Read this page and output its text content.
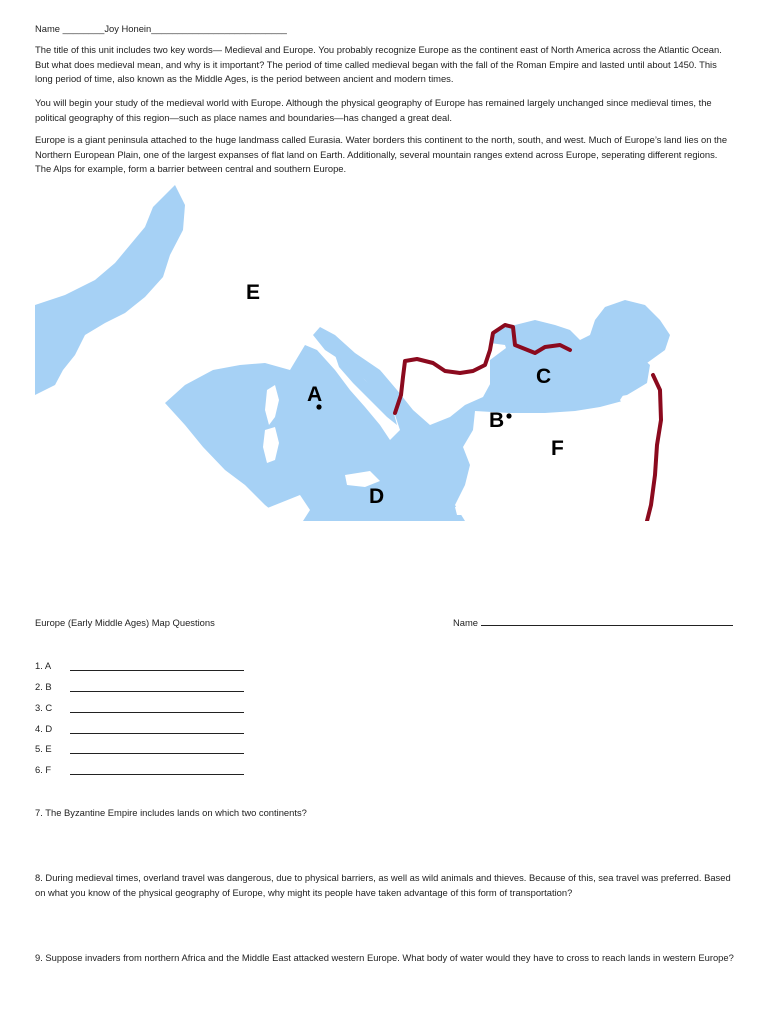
Name ________Joy Honein__________________________

The title of this unit includes two key words— Medieval and Europe. You probably recognize Europe as the continent east of North America across the Atlantic Ocean. But what does medieval mean, and why is it important? The period of time called medieval began with the fall of the Roman Empire and lasted until about 1450. This long period of time, also known as the Middle Ages, is the period between ancient and modern times.

You will begin your study of the medieval world with Europe. Although the physical geography of Europe has remained largely unchanged since medieval times, the political geography of this region—such as place names and boundaries—has changed a great deal.

Europe is a giant peninsula attached to the huge landmass called Eurasia. Water borders this continent to the north, south, and west. Much of Europe’s land lies on the Northern European Plain, one of the largest expanses of flat land on Earth. Additionally, several mountain ranges extend across Europe, seperating different regions. The Alps for example, form a barrier between central and southern Europe.

A
B
C
D
E
F
Europe (Early Middle Ages) Map Questions	Name
1. A
2. B
3. C
4. D
5. E
6. F

7. The Byzantine Empire includes lands on which two continents?

8. During medieval times, overland travel was dangerous, due to physical barriers, as well as wild animals and thieves. Because of this, sea travel was preferred. Based on what you know of the physical geography of Europe, why might its people have taken advantage of this form of transportation?

9. Suppose invaders from northern Africa and the Middle East attacked western Europe. What body of water would they have to cross to reach lands in western Europe?
